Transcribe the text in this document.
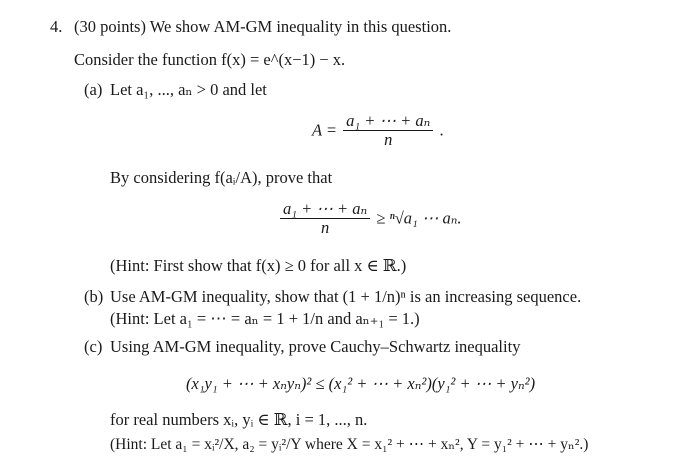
4. (30 points) We show AM-GM inequality in this question.
Consider the function f(x) = e^(x−1) − x.
(a) Let a₁, ..., aₙ > 0 and let
$A = \frac{\text{a₁ + ⋯ + aₙ}}{n}$ .
By considering f(aᵢ/A), prove that
$\frac{\text{a₁ + ⋯ + aₙ}}{n} \ge ^n√a_1$ ⋯ aₙ.
(Hint: First show that f(x) ≥ 0 for all x ∈ ℝ.)
(b) Use AM-GM inequality, show that (1 + 1/n)ⁿ is an increasing sequence.
(Hint: Let a₁ = ⋯ = aₙ = 1 + 1/n and aₙ₊₁ = 1.)
(c) Using AM-GM inequality, prove Cauchy–Schwartz inequality
(x₁y₁ + ⋯ + xₙyₙ)² ≤ (x₁² + ⋯ + xₙ²)(y₁² + ⋯ + yₙ²)
for real numbers xᵢ, yᵢ ∈ ℝ, i = 1, ..., n.
(Hint: Let a₁ = xᵢ²/X, a₂ = yᵢ²/Y where X = x₁² + ⋯ + xₙ², Y = y₁² + ⋯ + yₙ².)
